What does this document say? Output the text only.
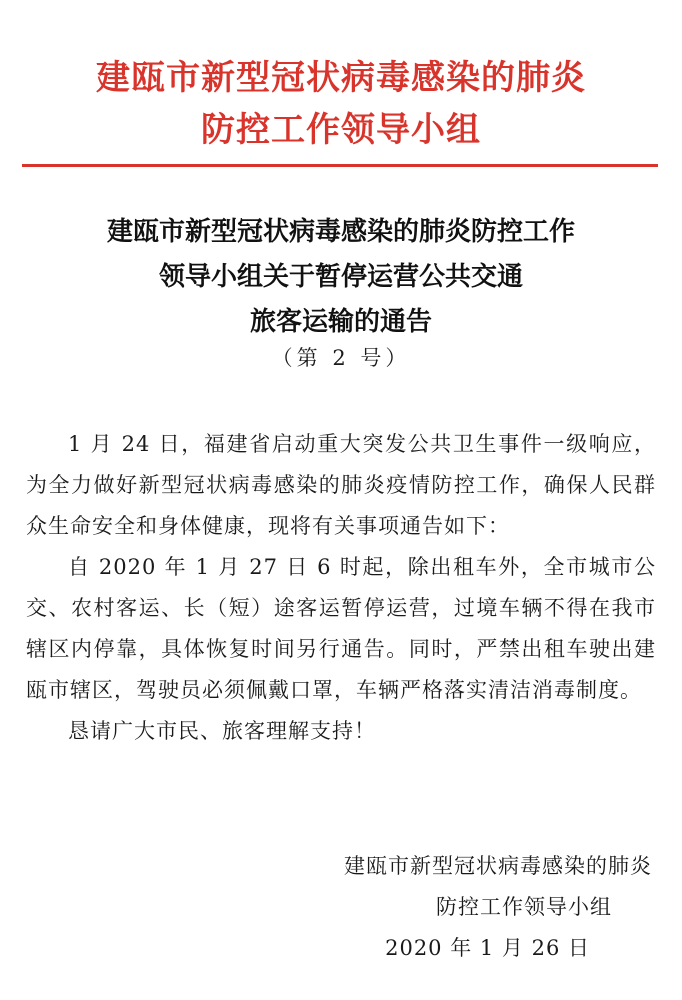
建瓯市新型冠状病毒感染的肺炎
防控工作领导小组
建瓯市新型冠状病毒感染的肺炎防控工作
领导小组关于暂停运营公共交通
旅客运输的通告
（第 2 号）

1 月 24 日，福建省启动重大突发公共卫生事件一级响应，为全力做好新型冠状病毒感染的肺炎疫情防控工作，确保人民群众生命安全和身体健康，现将有关事项通告如下：

自 2020 年 1 月 27 日 6 时起，除出租车外，全市城市公交、农村客运、长（短）途客运暂停运营，过境车辆不得在我市辖区内停靠，具体恢复时间另行通告。同时，严禁出租车驶出建瓯市辖区，驾驶员必须佩戴口罩，车辆严格落实清洁消毒制度。

恳请广大市民、旅客理解支持！

建瓯市新型冠状病毒感染的肺炎
防控工作领导小组
2020 年 1 月 26 日
